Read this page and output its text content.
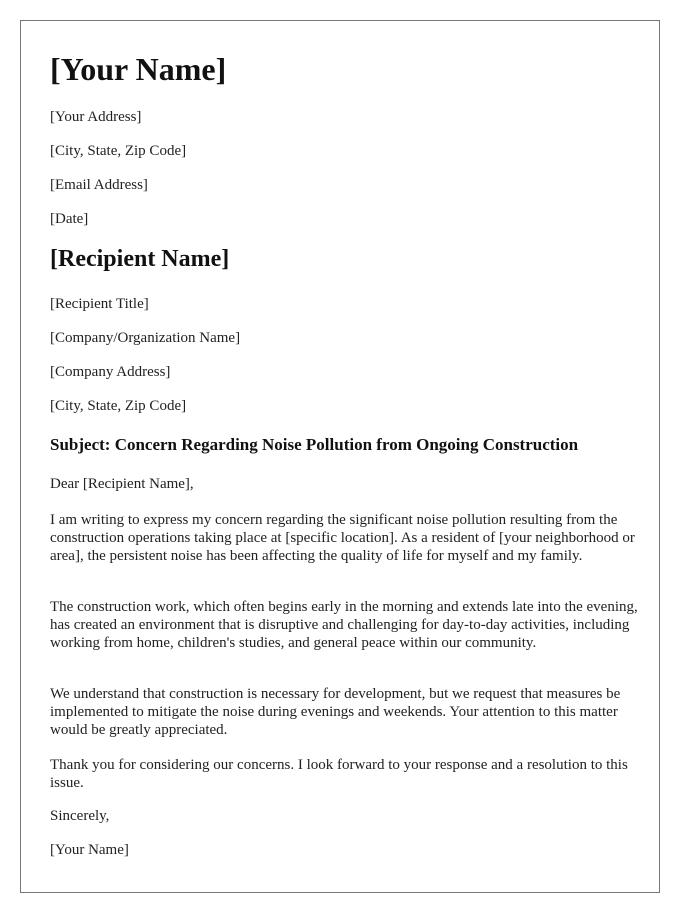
[Your Name]

[Your Address]

[City, State, Zip Code]

[Email Address]

[Date]

[Recipient Name]

[Recipient Title]

[Company/Organization Name]

[Company Address]

[City, State, Zip Code]

Subject: Concern Regarding Noise Pollution from Ongoing Construction

Dear [Recipient Name],

I am writing to express my concern regarding the significant noise pollution resulting from the construction operations taking place at [specific location]. As a resident of [your neighborhood or area], the persistent noise has been affecting the quality of life for myself and my family.

The construction work, which often begins early in the morning and extends late into the evening, has created an environment that is disruptive and challenging for day-to-day activities, including working from home, children's studies, and general peace within our community.

We understand that construction is necessary for development, but we request that measures be implemented to mitigate the noise during evenings and weekends. Your attention to this matter would be greatly appreciated.

Thank you for considering our concerns. I look forward to your response and a resolution to this issue.

Sincerely,

[Your Name]
